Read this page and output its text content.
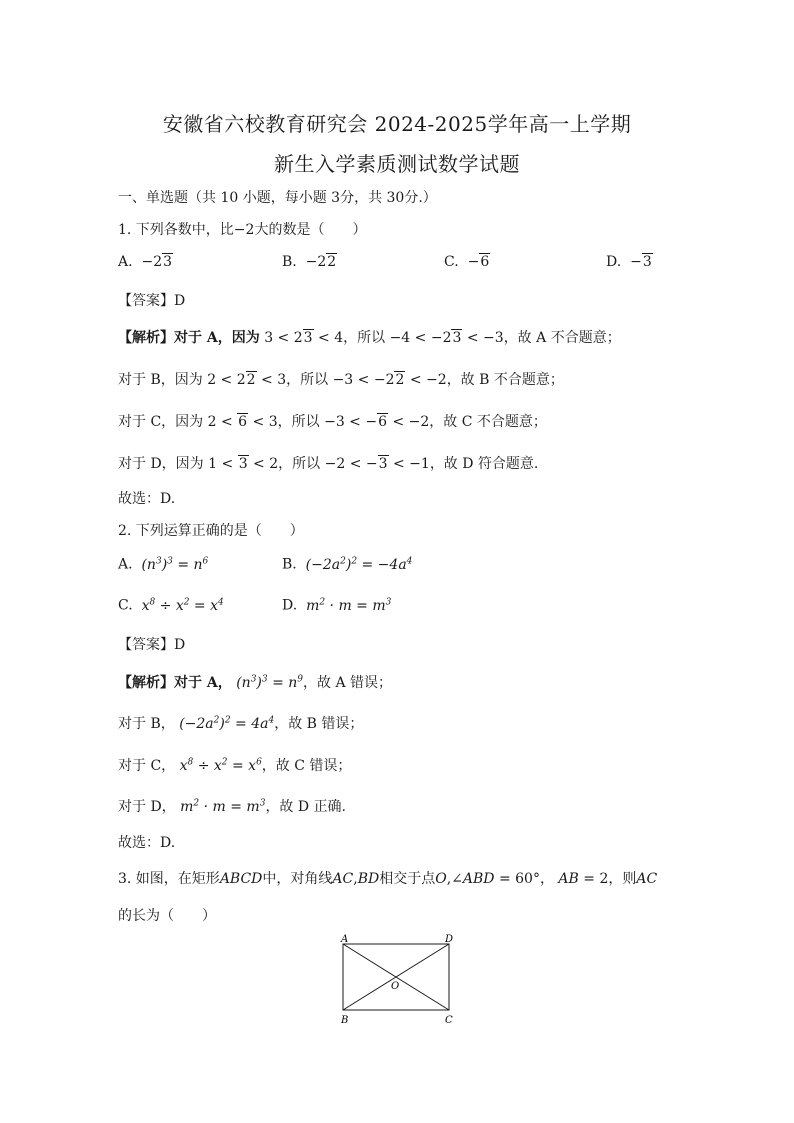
安徽省六校教育研究会 2024-2025学年高一上学期
新生入学素质测试数学试题
一、单选题（共 10 小题，每小题 3分，共 30分.）
1. 下列各数中，比−2大的数是（　　）
A.  −23	B.  −22	C.  −6	D.  −3
【答案】D
【解析】对于 A，因为 3 < 23 < 4，所以 −4 < −23 < −3，故 A 不合题意；
对于 B，因为 2 < 22 < 3，所以 −3 < −22 < −2，故 B 不合题意；
对于 C，因为 2 < 6 < 3，所以 −3 < −6 < −2，故 C 不合题意；
对于 D，因为 1 < 3 < 2，所以 −2 < −3 < −1，故 D 符合题意.
故选：D.
2. 下列运算正确的是（　　）
A. $(n^3)^3 = n^6$	B. $(-2a^2)^2 = -4a^4$
C. $x^8 \div x^2 = x^4$	D. $m^2 \cdot m = m^3$
【答案】D
【解析】对于 A， $(n^3)^3 = n^9$，故 A 错误；
对于 B， $(-2a^2)^2 = 4a^4$，故 B 错误；
对于 C， $x^8 \div x^2 = x^6$，故 C 错误；
对于 D， $m^2 \cdot m = m^3$，故 D 正确.
故选：D.
3. 如图，在矩形ABCD中，对角线AC,BD相交于点O,∠ABD = 60°， AB = 2，则AC
的长为（　　）
A	D
B	C
O
